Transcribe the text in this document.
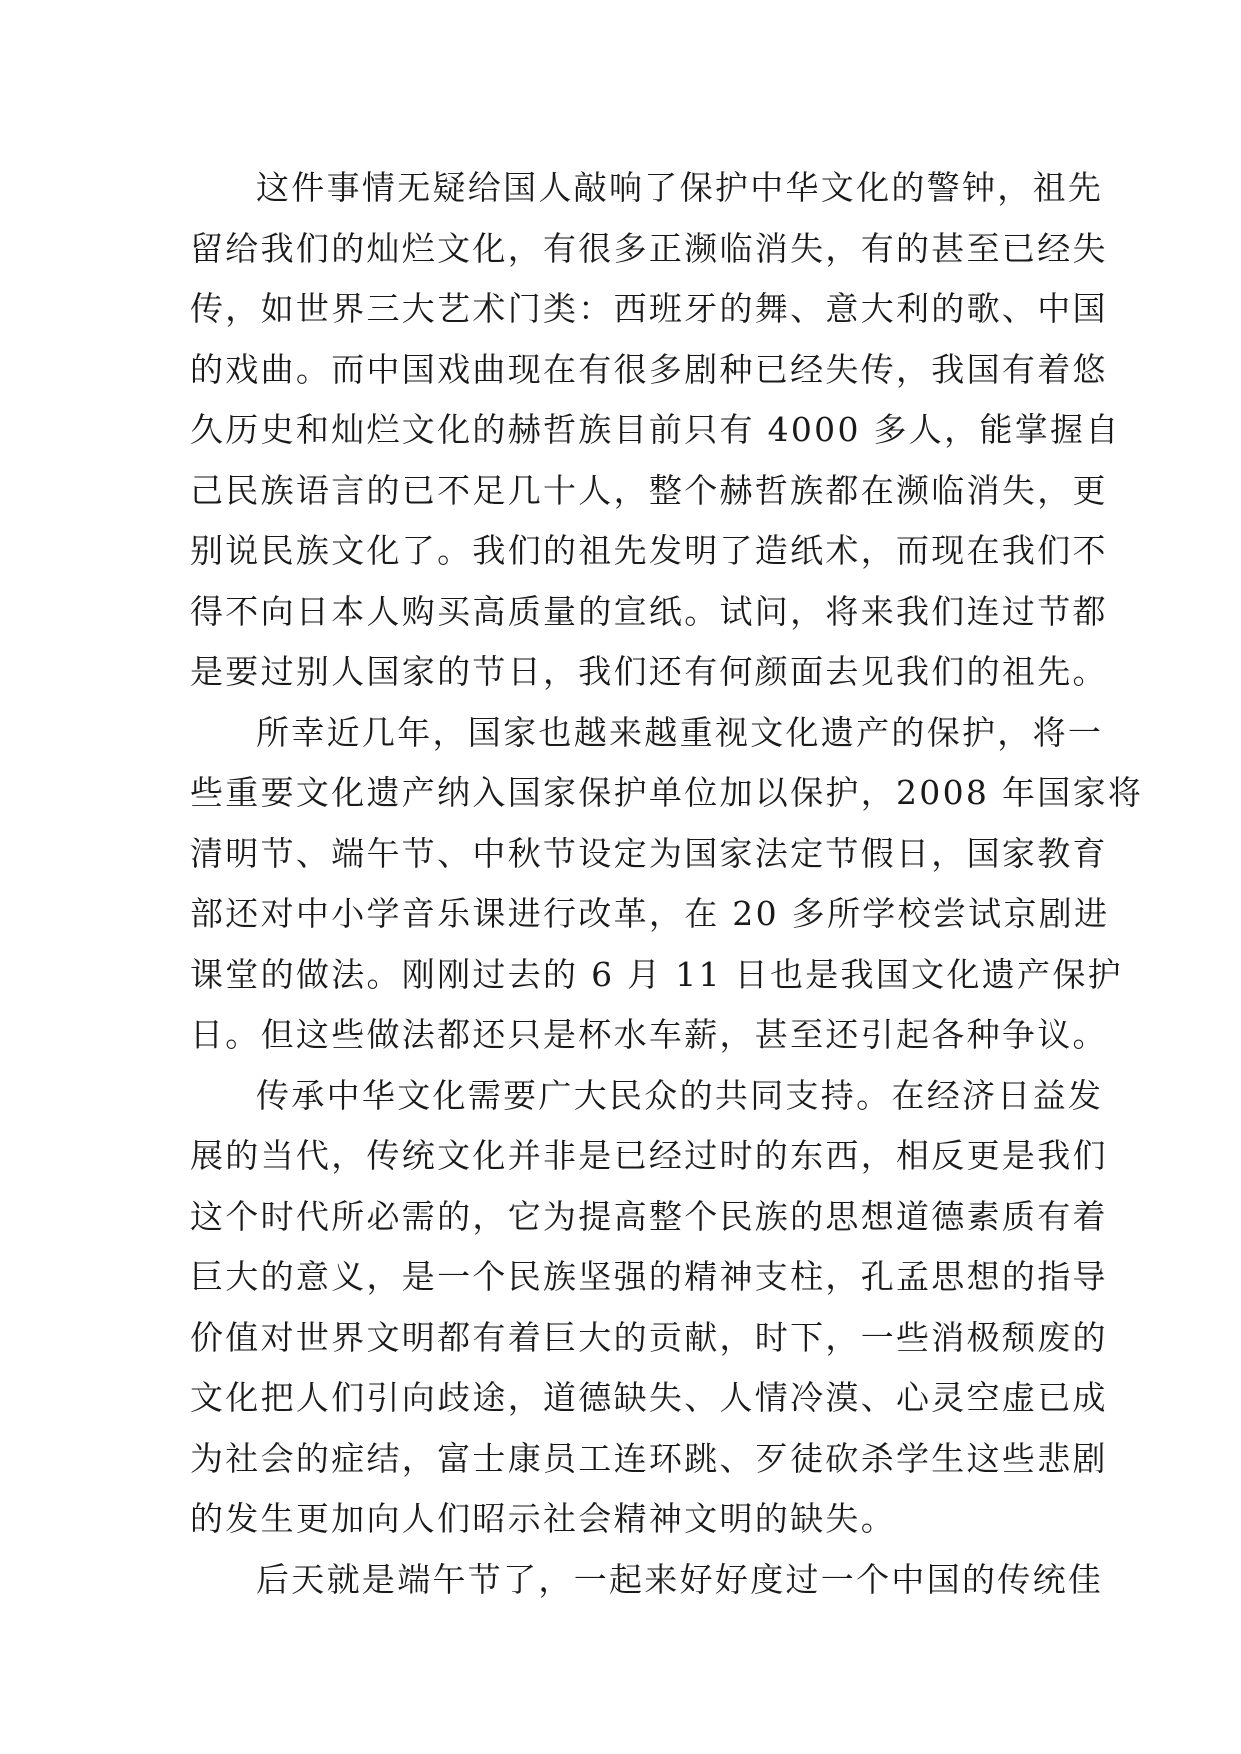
这件事情无疑给国人敲响了保护中华文化的警钟，祖先
留给我们的灿烂文化，有很多正濒临消失，有的甚至已经失
传，如世界三大艺术门类：西班牙的舞、意大利的歌、中国
的戏曲。而中国戏曲现在有很多剧种已经失传，我国有着悠
久历史和灿烂文化的赫哲族目前只有 4000 多人，能掌握自
己民族语言的已不足几十人，整个赫哲族都在濒临消失，更
别说民族文化了。我们的祖先发明了造纸术，而现在我们不
得不向日本人购买高质量的宣纸。试问，将来我们连过节都
是要过别人国家的节日，我们还有何颜面去见我们的祖先。
所幸近几年，国家也越来越重视文化遗产的保护，将一
些重要文化遗产纳入国家保护单位加以保护，2008 年国家将
清明节、端午节、中秋节设定为国家法定节假日，国家教育
部还对中小学音乐课进行改革，在 20 多所学校尝试京剧进
课堂的做法。刚刚过去的 6 月 11 日也是我国文化遗产保护
日。但这些做法都还只是杯水车薪，甚至还引起各种争议。
传承中华文化需要广大民众的共同支持。在经济日益发
展的当代，传统文化并非是已经过时的东西，相反更是我们
这个时代所必需的，它为提高整个民族的思想道德素质有着
巨大的意义，是一个民族坚强的精神支柱，孔孟思想的指导
价值对世界文明都有着巨大的贡献，时下，一些消极颓废的
文化把人们引向歧途，道德缺失、人情冷漠、心灵空虚已成
为社会的症结，富士康员工连环跳、歹徒砍杀学生这些悲剧
的发生更加向人们昭示社会精神文明的缺失。
后天就是端午节了，一起来好好度过一个中国的传统佳
